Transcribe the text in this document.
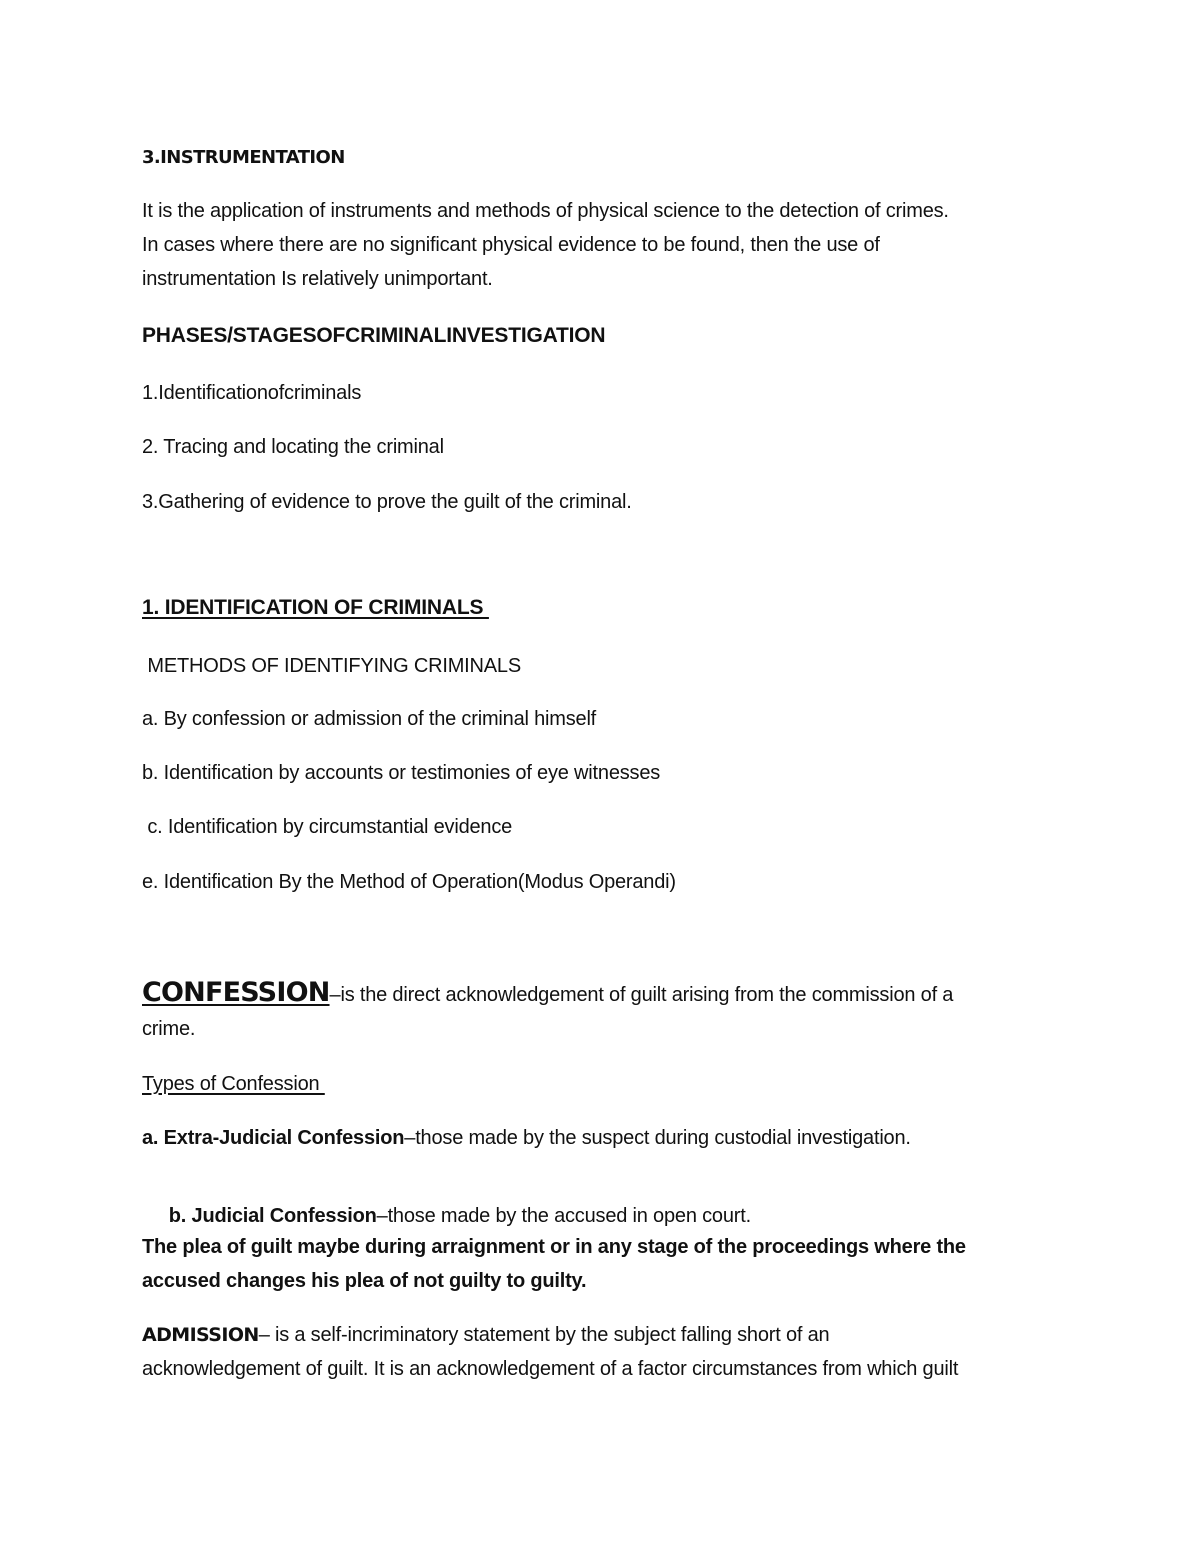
3.INSTRUMENTATION
It is the application of instruments and methods of physical science to the detection of crimes.
In cases where there are no significant physical evidence to be found, then the use of
instrumentation Is relatively unimportant.
PHASES/STAGESOFCRIMINALINVESTIGATION
1.Identificationofcriminals
2. Tracing and locating the criminal
3.Gathering of evidence to prove the guilt of the criminal.
1. IDENTIFICATION OF CRIMINALS
METHODS OF IDENTIFYING CRIMINALS
a. By confession or admission of the criminal himself
b. Identification by accounts or testimonies of eye witnesses
c. Identification by circumstantial evidence
e. Identification By the Method of Operation(Modus Operandi)
CONFESSION–is the direct acknowledgement of guilt arising from the commission of a
crime.
Types of Confession
a. Extra-Judicial Confession–those made by the suspect during custodial investigation.

b. Judicial Confession–those made by the accused in open court.

The plea of guilt maybe during arraignment or in any stage of the proceedings where the
accused changes his plea of not guilty to guilty.
ADMISSION– is a self-incriminatory statement by the subject falling short of an
acknowledgement of guilt. It is an acknowledgement of a factor circumstances from which guilt
